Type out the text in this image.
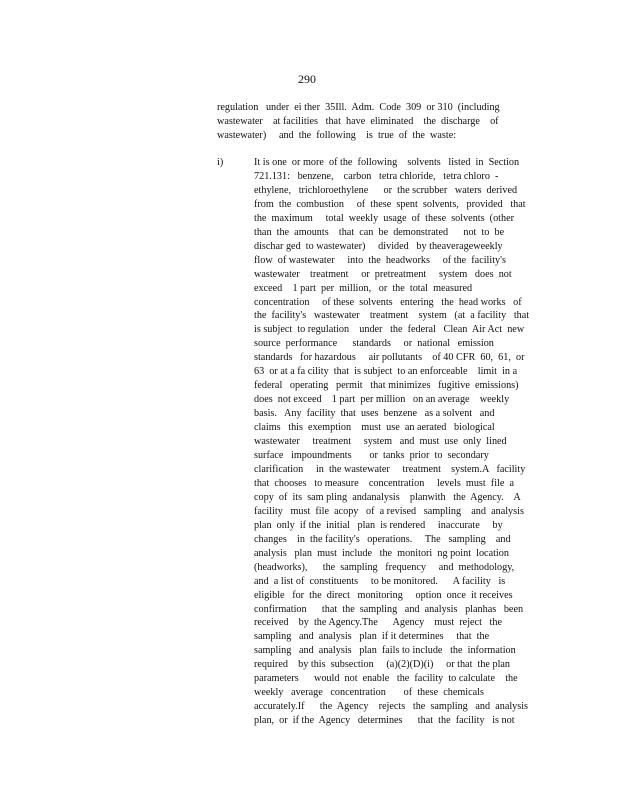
290
regulation   under  ei ther  35Ill.  Adm.  Code  309  or 310  (including
wastewater    at facilities   that  have  eliminated    the  discharge    of
wastewater)     and  the  following    is  true  of  the  waste:
i)	It is one  or more  of the  following    solvents   listed  in  Section
721.131:   benzene,    carbon   tetra chloride,   tetra chloro  -
ethylene,   trichloroethylene      or  the scrubber   waters  derived
from  the  combustion     of  these  spent  solvents,   provided   that
the  maximum     total  weekly  usage  of  these  solvents  (other
than  the  amounts    that  can  be  demonstrated      not  to  be
dischar ged  to wastewater)     divided   by theaverageweekly
flow  of wastewater     into  the  headworks     of the  facility's
wastewater    treatment     or  pretreatment     system   does  not
exceed    1 part  per  million,   or  the  total  measured
concentration     of these  solvents   entering   the  head works   of
the  facility's   wastewater    treatment    system   (at  a facility   that
is subject  to regulation    under   the  federal   Clean  Air Act  new
source  performance      standards     or  national   emission
standards   for hazardous     air pollutants    of 40 CFR  60,  61,  or
63  or at a fa cility  that  is subject  to an enforceable    limit  in a
federal   operating   permit   that minimizes   fugitive  emissions)
does  not exceed    1 part  per million   on an average    weekly
basis.   Any  facility  that  uses  benzene   as a solvent   and
claims   this  exemption    must  use  an aerated   biological
wastewater     treatment     system   and  must  use  only  lined
surface   impoundments       or  tanks  prior  to  secondary
clarification     in  the wastewater     treatment    system.A   facility
that  chooses   to measure    concentration     levels  must  file  a
copy  of  its  sam pling  andanalysis    planwith   the  Agency.    A
facility   must  file  acopy   of  a revised   sampling    and  analysis
plan  only  if the  initial   plan  is rendered     inaccurate     by
changes    in  the facility's   operations.     The   sampling    and
analysis   plan  must  include   the  monitori  ng point  location
(headworks),      the  sampling   frequency     and  methodology,
and  a list of  constituents     to be monitored.      A facility   is
eligible   for  the  direct   monitoring     option  once  it receives
confirmation      that  the  sampling   and  analysis   planhas   been
received    by  the Agency.The      Agency    must  reject   the
sampling   and  analysis   plan  if it determines     that  the
sampling   and  analysis   plan  fails to include   the  information
required    by this  subsection     (a)(2)(D)(i)     or that  the plan
parameters      would  not  enable   the  facility  to calculate    the
weekly   average   concentration       of  these  chemicals
accurately.If      the  Agency    rejects   the  sampling   and  analysis
plan,  or  if the  Agency   determines      that  the  facility   is not
